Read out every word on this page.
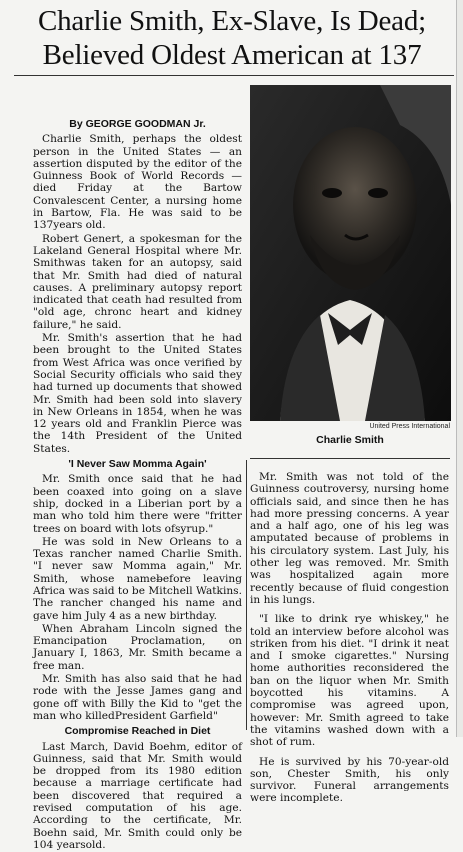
Charlie Smith, Ex-Slave, Is Dead;
Believed Oldest American at 137
By GEORGE GOODMAN Jr.

Charlie Smith, perhaps the oldest person in the United States — an assertion disputed by the editor of the Guinness Book of World Records — died Friday at the Bartow Convalescent Center, a nursing home in Bartow, Fla. He was said to be 137years old.

Robert Genert, a spokesman for the Lakeland General Hospital where Mr. Smithwas taken for an autopsy, said that Mr. Smith had died of natural causes. A preliminary autopsy report indicated that ceath had resulted from "old age, chronc heart and kidney failure," he said.

Mr. Smith's assertion that he had been brought to the United States from West Africa was once verified by Social Security officials who said they had turned up documents that showed Mr. Smith had been sold into slavery in New Orleans in 1854, when he was 12 years old and Franklin Pierce was the 14th President of the United States.

'I Never Saw Momma Again'

Mr. Smith once said that he had been coaxed into going on a slave ship, docked in a Liberian port by a man who told him there were "fritter trees on board with lots ofsyrup."

He was sold in New Orleans to a Texas rancher named Charlie Smith. "I never saw Momma again," Mr. Smith, whose nameb̶efore leaving Africa was said to be Mitchell Watkins. The rancher changed his name and gave him July 4 as a new birthday.

When Abraham Lincoln signed the Emancipation Proclamation, on January I, 1863, Mr. Smith became a free man.

Mr. Smith has also said that he had rode with the Jesse James gang and gone off with Billy the Kid to "get the man who killedPresident Garfield"

Compromise Reached in Diet

Last March, David Boehm, editor of Guinness, said that Mr. Smith would be dropped from its 1980 edition because a marriage certificate had been discovered that required a revised computation of his age. According to the certificate, Mr. Boehn said, Mr. Smith could only be 104 yearsold.

United Press International
Charlie Smith

Mr. Smith was not told of the Guinness coutroversy, nursing home officials said, and since then he has had more pressing concerns. A year and a half ago, one of his leg was amputated because of problems in his circulatory system. Last July, his other leg was removed. Mr. Smith was hospitalized again more recently because of fluid congestion in his lungs.

"I like to drink rye whiskey," he told an interview before alcohol was striken from his diet. "I drink it neat and I smoke cigarettes." Nursing home authorities reconsidered the ban on the liquor when Mr. Smith boycotted his vitamins. A compromise was agreed upon, however: Mr. Smith agreed to take the vitamins washed down with a shot of rum.

He is survived by his 70-year-old son, Chester Smith, his only survivor. Funeral arrangements were incomplete.
